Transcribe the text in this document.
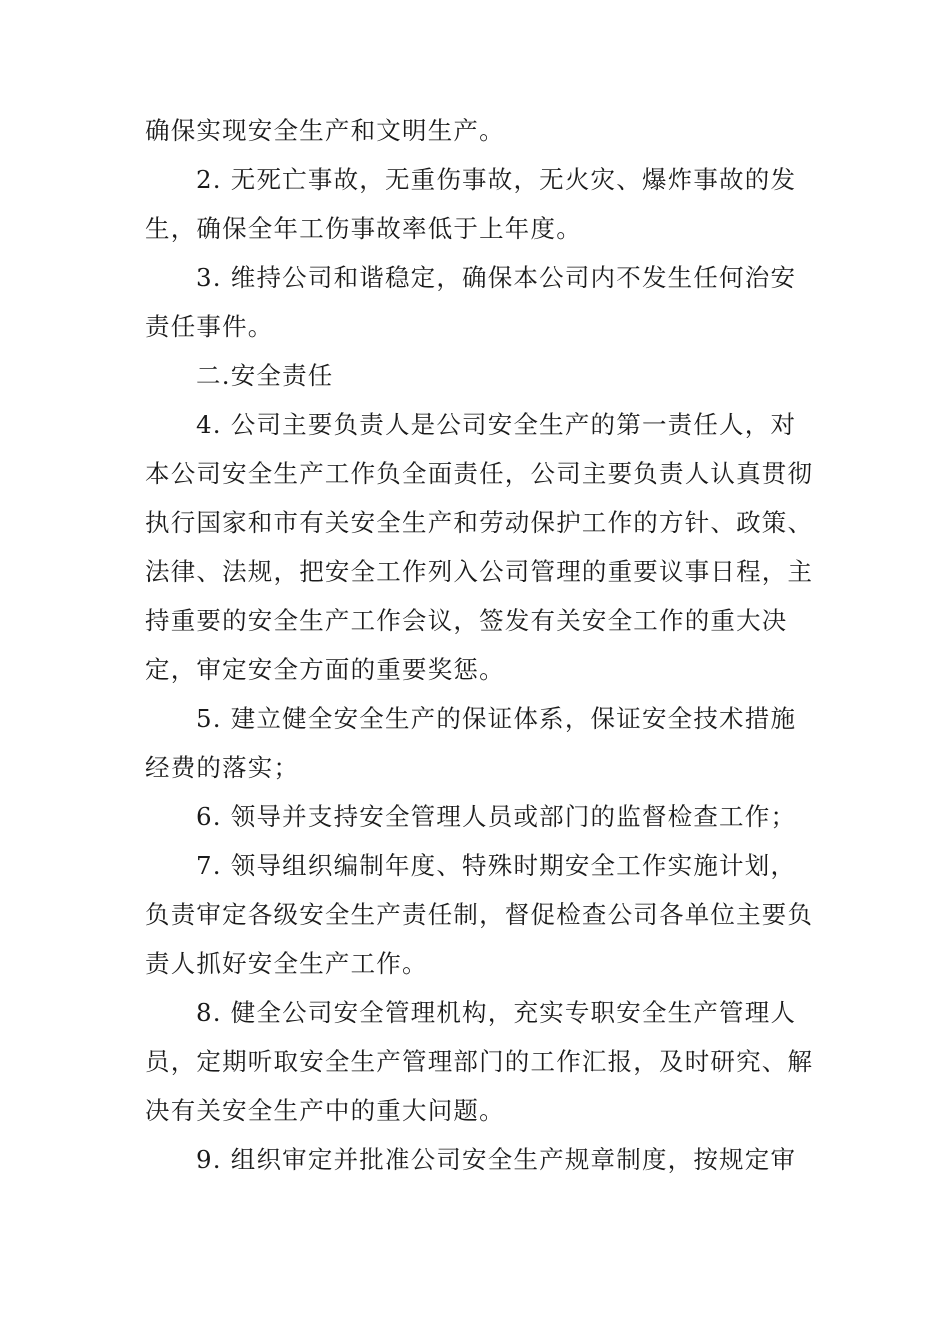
确保实现安全生产和文明生产。
2. 无死亡事故，无重伤事故，无火灾、爆炸事故的发
生，确保全年工伤事故率低于上年度。
3. 维持公司和谐稳定，确保本公司内不发生任何治安
责任事件。
二.安全责任
4. 公司主要负责人是公司安全生产的第一责任人，对
本公司安全生产工作负全面责任，公司主要负责人认真贯彻
执行国家和市有关安全生产和劳动保护工作的方针、政策、
法律、法规，把安全工作列入公司管理的重要议事日程，主
持重要的安全生产工作会议，签发有关安全工作的重大决
定，审定安全方面的重要奖惩。
5. 建立健全安全生产的保证体系，保证安全技术措施
经费的落实；
6. 领导并支持安全管理人员或部门的监督检查工作；
7. 领导组织编制年度、特殊时期安全工作实施计划，
负责审定各级安全生产责任制，督促检查公司各单位主要负
责人抓好安全生产工作。
8. 健全公司安全管理机构，充实专职安全生产管理人
员，定期听取安全生产管理部门的工作汇报，及时研究、解
决有关安全生产中的重大问题。
9. 组织审定并批准公司安全生产规章制度，按规定审
